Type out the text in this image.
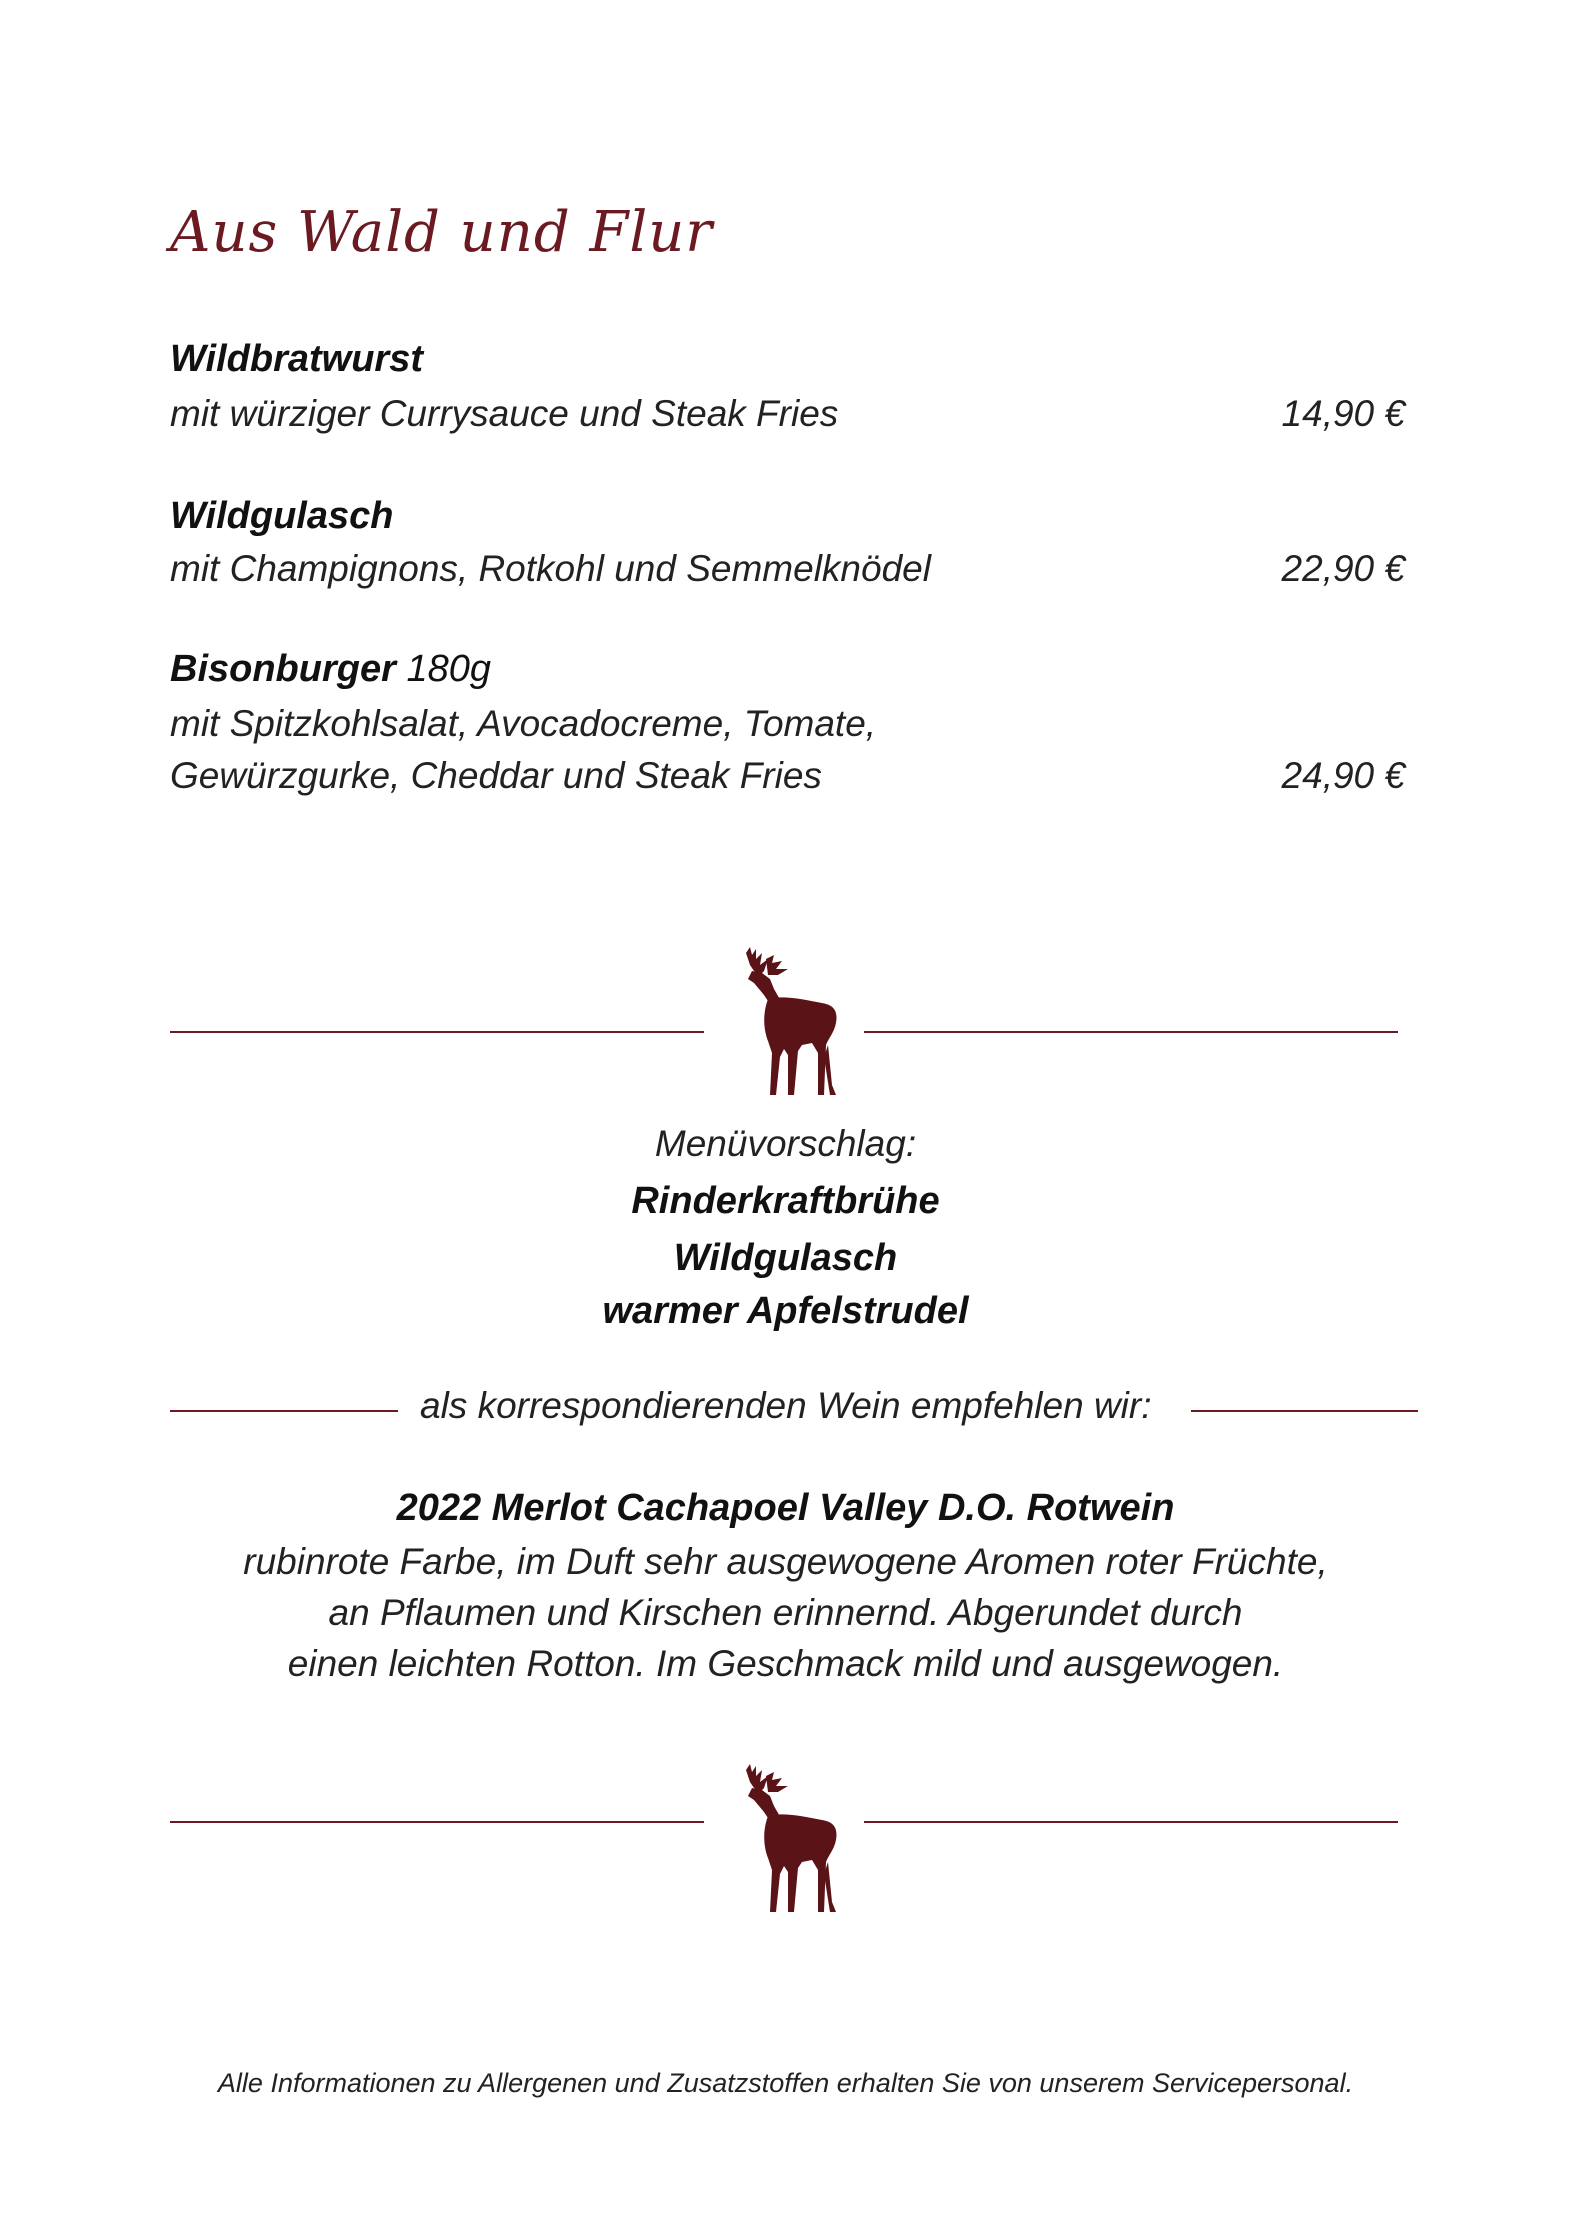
Aus Wald und Flur
Wildbratwurst
mit würziger Currysauce und Steak Fries	14,90 €
Wildgulasch
mit Champignons, Rotkohl und Semmelknödel	22,90 €
Bisonburger 180g
mit Spitzkohlsalat, Avocadocreme, Tomate,
Gewürzgurke, Cheddar und Steak Fries	24,90 €
Menüvorschlag:
Rinderkraftbrühe
Wildgulasch
warmer Apfelstrudel
als korrespondierenden Wein empfehlen wir:
2022 Merlot Cachapoel Valley D.O. Rotwein
rubinrote Farbe, im Duft sehr ausgewogene Aromen roter Früchte,
an Pflaumen und Kirschen erinnernd. Abgerundet durch
einen leichten Rotton. Im Geschmack mild und ausgewogen.
Alle Informationen zu Allergenen und Zusatzstoffen erhalten Sie von unserem Servicepersonal.
